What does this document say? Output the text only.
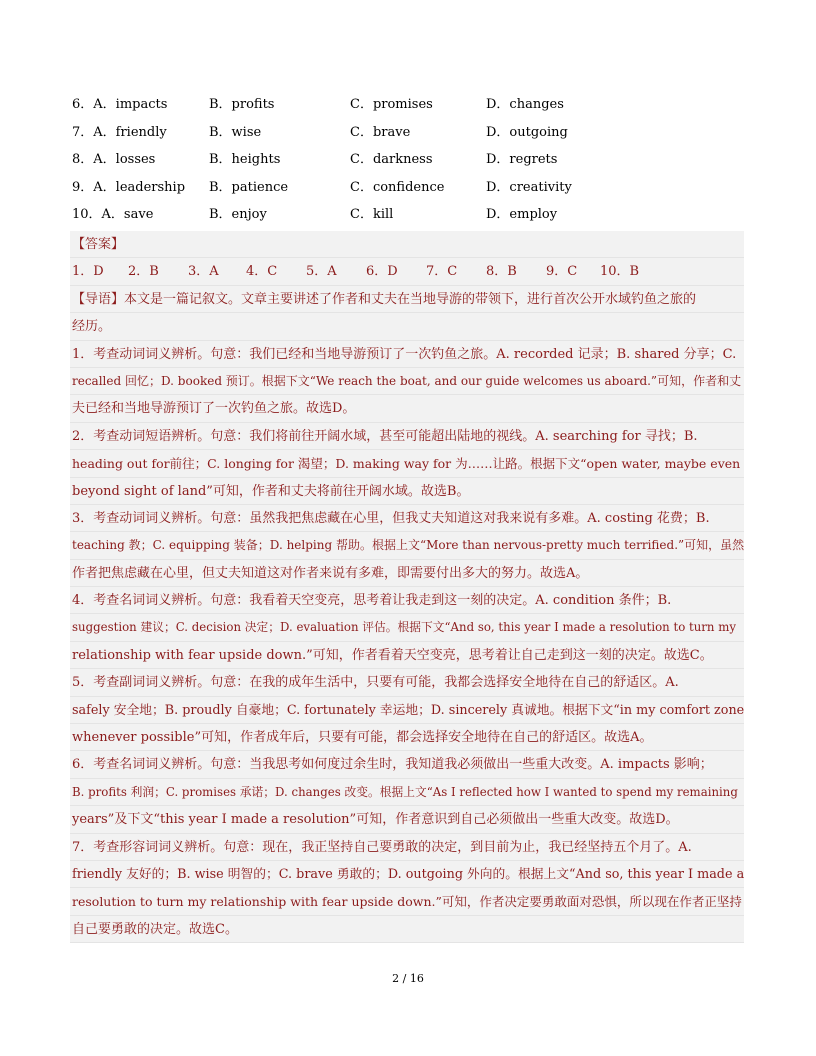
6．A．impacts	B．profits	C．promises	D．changes
7．A．friendly	B．wise	C．brave	D．outgoing
8．A．losses	B．heights	C．darkness	D．regrets
9．A．leadership B．patience	C．confidence	D．creativity
10．A．save	B．enjoy	C．kill	D．employ
【答案】
1．D 2．B 3．A 4．C 5．A 6．D 7．C 8．B 9．C 10．B
【导语】本文是一篇记叙文。文章主要讲述了作者和丈夫在当地导游的带领下，进行首次公开水域钓鱼之旅的
经历。
1．考查动词词义辨析。句意：我们已经和当地导游预订了一次钓鱼之旅。A. recorded 记录；B. shared 分享；C.
recalled 回忆；D. booked 预订。根据下文“We reach the boat, and our guide welcomes us aboard.”可知，作者和丈
夫已经和当地导游预订了一次钓鱼之旅。故选D。
2．考查动词短语辨析。句意：我们将前往开阔水域，甚至可能超出陆地的视线。A. searching for 寻找；B.
heading out for前往；C. longing for 渴望；D. making way for 为……让路。根据下文“open water, maybe even
beyond sight of land”可知，作者和丈夫将前往开阔水域。故选B。
3．考查动词词义辨析。句意：虽然我把焦虑藏在心里，但我丈夫知道这对我来说有多难。A. costing 花费；B.
teaching 教；C. equipping 装备；D. helping 帮助。根据上文“More than nervous-pretty much terrified.”可知，虽然
作者把焦虑藏在心里，但丈夫知道这对作者来说有多难，即需要付出多大的努力。故选A。
4．考查名词词义辨析。句意：我看着天空变亮，思考着让我走到这一刻的决定。A. condition 条件；B.
suggestion 建议；C. decision 决定；D. evaluation 评估。根据下文“And so, this year I made a resolution to turn my
relationship with fear upside down.”可知，作者看着天空变亮，思考着让自己走到这一刻的决定。故选C。
5．考查副词词义辨析。句意：在我的成年生活中，只要有可能，我都会选择安全地待在自己的舒适区。A.
safely 安全地；B. proudly 自豪地；C. fortunately 幸运地；D. sincerely 真诚地。根据下文“in my comfort zone
whenever possible”可知，作者成年后，只要有可能，都会选择安全地待在自己的舒适区。故选A。
6．考查名词词义辨析。句意：当我思考如何度过余生时，我知道我必须做出一些重大改变。A. impacts 影响；
B. profits 利润；C. promises 承诺；D. changes 改变。根据上文“As I reflected how I wanted to spend my remaining
years”及下文“this year I made a resolution”可知，作者意识到自己必须做出一些重大改变。故选D。
7．考查形容词词义辨析。句意：现在，我正坚持自己要勇敢的决定，到目前为止，我已经坚持五个月了。A.
friendly 友好的；B. wise 明智的；C. brave 勇敢的；D. outgoing 外向的。根据上文“And so, this year I made a
resolution to turn my relationship with fear upside down.”可知，作者决定要勇敢面对恐惧，所以现在作者正坚持
自己要勇敢的决定。故选C。
2 / 16
